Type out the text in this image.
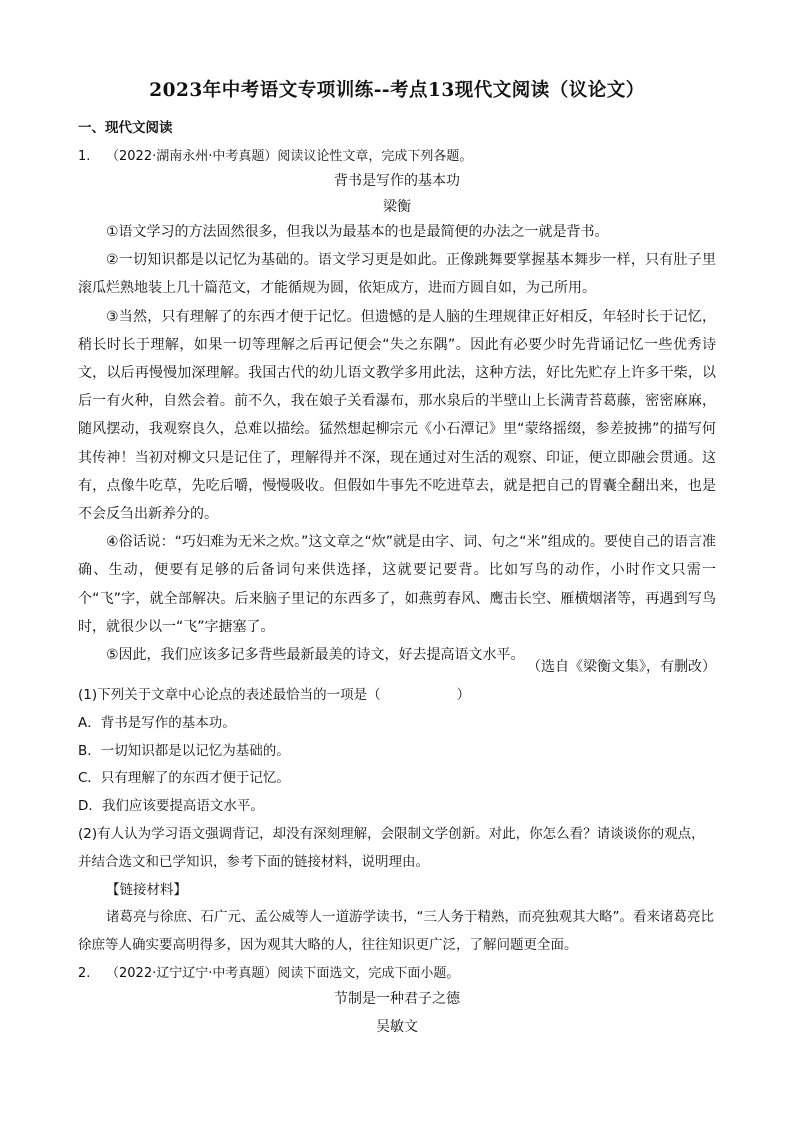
2023年中考语文专项训练--考点13现代文阅读（议论文）
一、现代文阅读
1. （2022·湖南永州·中考真题）阅读议论性文章，完成下列各题。
背书是写作的基本功
梁衡

①语文学习的方法固然很多，但我以为最基本的也是最简便的办法之一就是背书。

②一切知识都是以记忆为基础的。语文学习更是如此。正像跳舞要掌握基本舞步一样，只有肚子里滚瓜烂熟地装上几十篇范文，才能循规为圆，依矩成方，进而方圆自如，为己所用。

③当然，只有理解了的东西才便于记忆。但遗憾的是人脑的生理规律正好相反，年轻时长于记忆，稍长时长于理解，如果一切等理解之后再记便会“失之东隅”。因此有必要少时先背诵记忆一些优秀诗文，以后再慢慢加深理解。我国古代的幼儿语文教学多用此法，这种方法，好比先贮存上许多干柴，以后一有火种，自然会着。前不久，我在娘子关看瀑布，那水泉后的半壁山上长满青苔葛藤，密密麻麻，随风摆动，我观察良久，总难以描绘。猛然想起柳宗元《小石潭记》里“蒙络摇缀，参差披拂”的描写何其传神！当初对柳文只是记住了，理解得并不深，现在通过对生活的观察、印证，便立即融会贯通。这有，点像牛吃草，先吃后嚼，慢慢吸收。但假如牛事先不吃进草去，就是把自己的胃囊全翻出来，也是不会反刍出新养分的。

④俗话说：“巧妇难为无米之炊。”这文章之“炊”就是由字、词、句之“米”组成的。要使自己的语言准确、生动，便要有足够的后备词句来供选择，这就要记要背。比如写鸟的动作，小时作文只需一个“飞”字，就全部解决。后来脑子里记的东西多了，如燕剪春风、鹰击长空、雁横烟渚等，再遇到写鸟时，就很少以一“飞”字搪塞了。

⑤因此，我们应该多记多背些最新最美的诗文，好去提高语文水平。

（选自《梁衡文集》，有删改）

(1)下列关于文章中心论点的表述最恰当的一项是（	）

A．背书是写作的基本功。

B．一切知识都是以记忆为基础的。

C．只有理解了的东西才便于记忆。

D．我们应该要提高语文水平。

(2)有人认为学习语文强调背记，却没有深刻理解，会限制文学创新。对此，你怎么看？请谈谈你的观点，并结合选文和已学知识，参考下面的链接材料，说明理由。

【链接材料】

诸葛亮与徐庶、石广元、孟公威等人一道游学读书，“三人务于精熟，而亮独观其大略”。看来诸葛亮比徐庶等人确实要高明得多，因为观其大略的人，往往知识更广泛，了解问题更全面。

2. （2022·辽宁辽宁·中考真题）阅读下面选文，完成下面小题。
节制是一种君子之德
吴敏文
